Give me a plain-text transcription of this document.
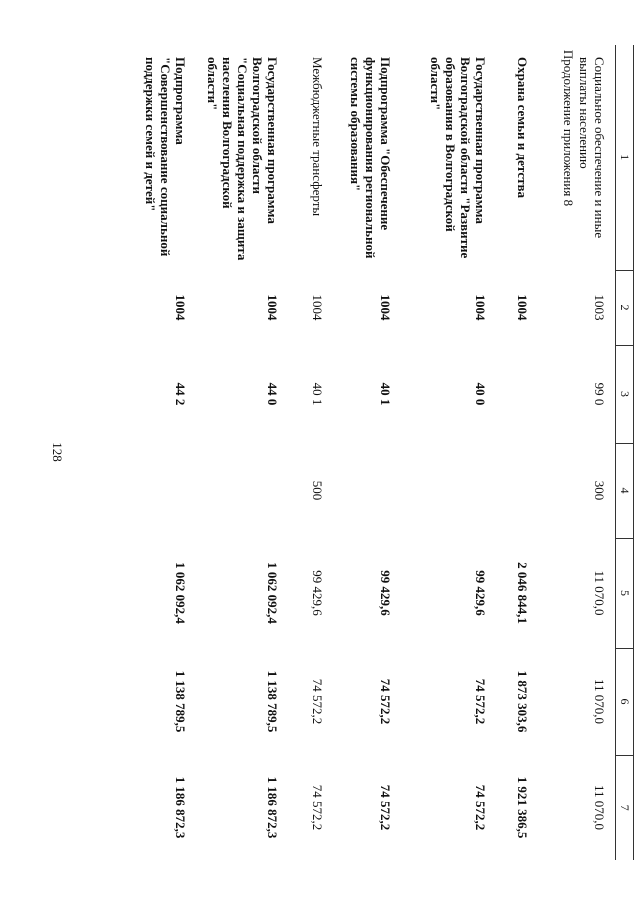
128
Продолжение приложения 8	1	2	3	4	5	6	7
Социальное обеспечение и иные выплаты населению	1003	99 0	300	11 070,0	11 070,0	11 070,0
Охрана семьи и детства	1004			2 046 844,1	1 873 303,6	1 921 386,5
Государственная программа Волгоградской области "Развитие образования в Волгоградской области"	1004	40 0		99 429,6	74 572,2	74 572,2
Подпрограмма "Обеспечение функционирования региональной системы образования"	1004	40 1		99 429,6	74 572,2	74 572,2
Межбюджетные трансферты	1004	40 1	500	99 429,6	74 572,2	74 572,2
Государственная программа Волгоградской области "Социальная поддержка и защита населения Волгоградской области"	1004	44 0		1 062 092,4	1 138 789,5	1 186 872,3
Подпрограмма "Совершенствование социальной поддержки семей и детей"	1004	44 2		1 062 092,4	1 138 789,5	1 186 872,3
